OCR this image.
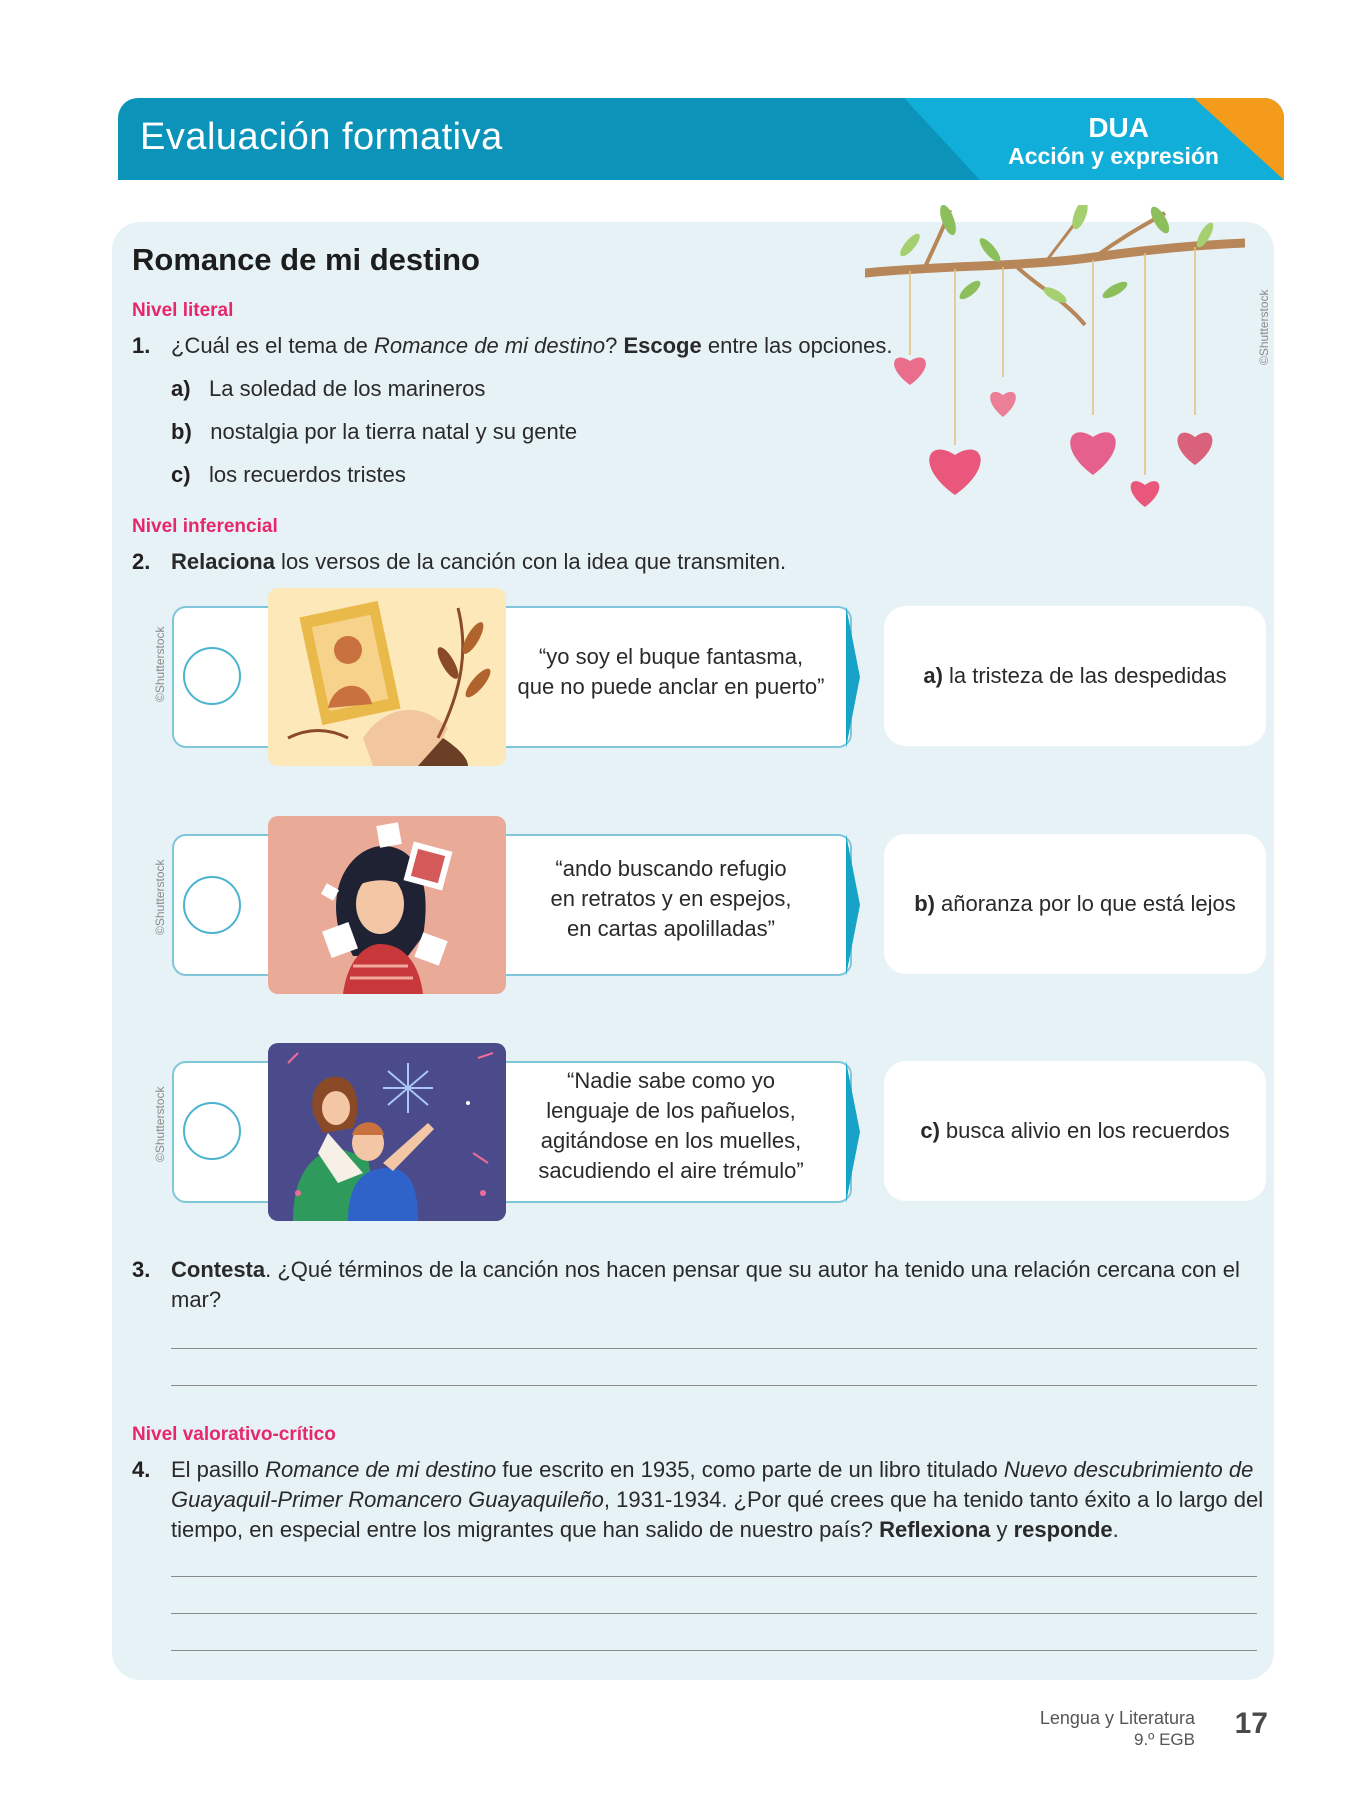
Evaluación formativa	DUA
Acción y expresión
©Shutterstock
Romance de mi destino
Nivel literal
1. ¿Cuál es el tema de Romance de mi destino? Escoge entre las opciones.
a) La soledad de los marineros
b) nostalgia por la tierra natal y su gente
c) los recuerdos tristes
Nivel inferencial
2. Relaciona los versos de la canción con la idea que transmiten.
“yo soy el buque fantasma,
que no puede anclar en puerto”	a) la tristeza de las despedidas
©Shutterstock
“ando buscando refugio
en retratos y en espejos,
en cartas apolilladas”
b) añoranza por lo que está lejos
©Shutterstock
“Nadie sabe como yo
lenguaje de los pañuelos,
agitándose en los muelles,
sacudiendo el aire trémulo”
c) busca alivio en los recuerdos
©Shutterstock
3. Contesta. ¿Qué términos de la canción nos hacen pensar que su autor ha tenido una relación cercana con el
mar?
Nivel valorativo-crítico
4. El pasillo Romance de mi destino fue escrito en 1935, como parte de un libro titulado Nuevo descubrimiento de
Guayaquil-Primer Romancero Guayaquileño, 1931-1934. ¿Por qué crees que ha tenido tanto éxito a lo largo del
tiempo, en especial entre los migrantes que han salido de nuestro país? Reflexiona y responde.
Lengua y Literatura
9.º EGB 17
